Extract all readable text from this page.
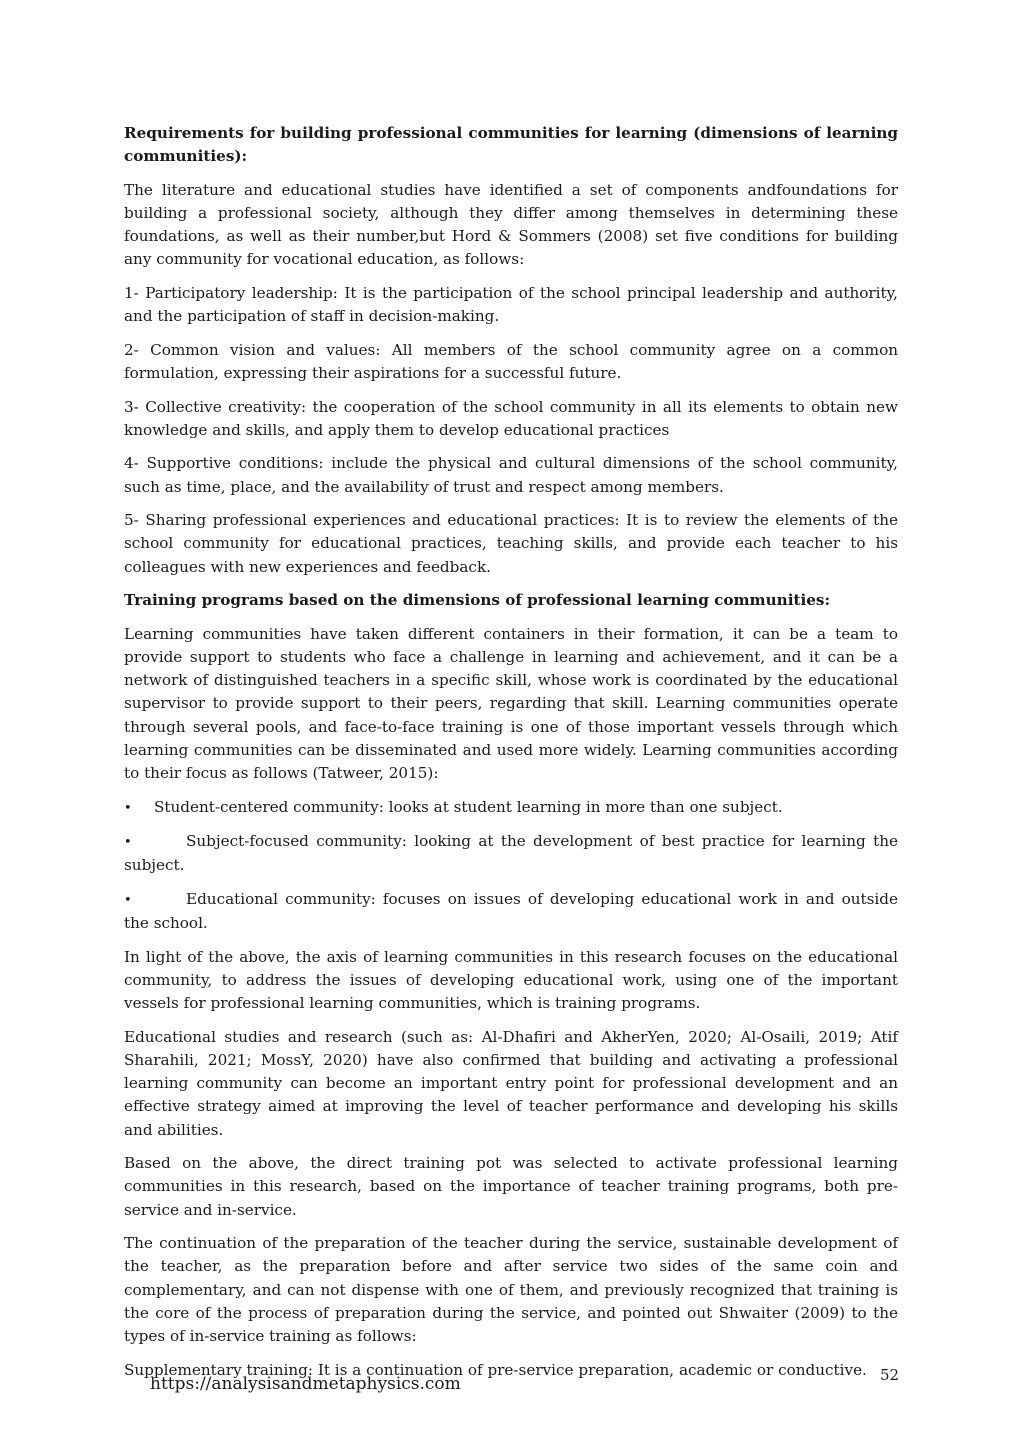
Requirements for building professional communities for learning (dimensions of learning communities):

The literature and educational studies have identified a set of components andfoundations for building a professional society, although they differ among themselves in determining these foundations, as well as their number,but Hord & Sommers (2008) set five conditions for building any community for vocational education, as follows:

1- Participatory leadership: It is the participation of the school principal leadership and authority, and the participation of staff in decision-making.

2- Common vision and values: All members of the school community agree on a common formulation, expressing their aspirations for a successful future.

3- Collective creativity: the cooperation of the school community in all its elements to obtain new knowledge and skills, and apply them to develop educational practices

4- Supportive conditions: include the physical and cultural dimensions of the school community, such as time, place, and the availability of trust and respect among members.

5- Sharing professional experiences and educational practices: It is to review the elements of the school community for educational practices, teaching skills, and provide each teacher to his colleagues with new experiences and feedback.

Training programs based on the dimensions of professional learning communities:

Learning communities have taken different containers in their formation, it can be a team to provide support to students who face a challenge in learning and achievement, and it can be a network of distinguished teachers in a specific skill, whose work is coordinated by the educational supervisor to provide support to their peers, regarding that skill. Learning communities operate through several pools, and face-to-face training is one of those important vessels through which learning communities can be disseminated and used more widely. Learning communities according to their focus as follows (Tatweer, 2015):

• Student-centered community: looks at student learning in more than one subject.

•	Subject-focused community: looking at the development of best practice for learning the subject.

•	Educational community: focuses on issues of developing educational work in and outside the school.

In light of the above, the axis of learning communities in this research focuses on the educational community, to address the issues of developing educational work, using one of the important vessels for professional learning communities, which is training programs.

Educational studies and research (such as: Al-Dhafiri and AkherYen, 2020; Al-Osaili, 2019; Atif Sharahili, 2021; MossY, 2020) have also confirmed that building and activating a professional learning community can become an important entry point for professional development and an effective strategy aimed at improving the level of teacher performance and developing his skills and abilities.

Based on the above, the direct training pot was selected to activate professional learning communities in this research, based on the importance of teacher training programs, both pre-service and in-service.

The continuation of the preparation of the teacher during the service, sustainable development of the teacher, as the preparation before and after service two sides of the same coin and complementary, and can not dispense with one of them, and previously recognized that training is the core of the process of preparation during the service, and pointed out Shwaiter (2009) to the types of in-service training as follows:

Supplementary training: It is a continuation of pre-service preparation, academic or conductive.

https://analysisandmetaphysics.com	52
